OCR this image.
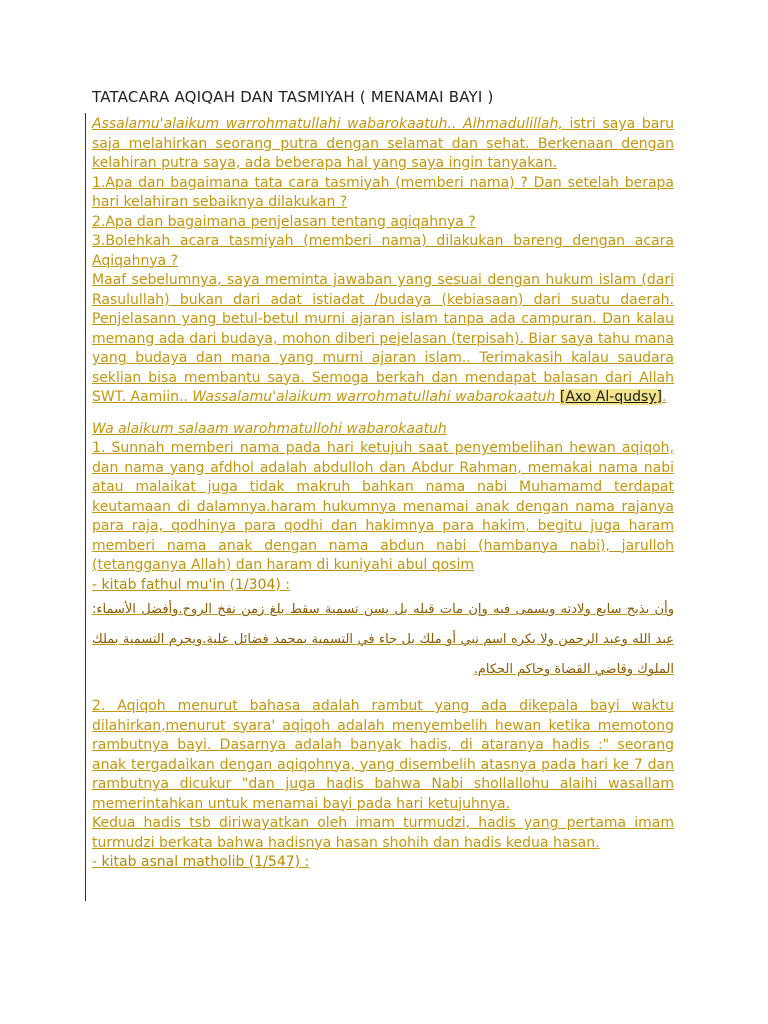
TATACARA AQIQAH DAN TASMIYAH ( MENAMAI BAYI )

Assalamu'alaikum warrohmatullahi wabarokaatuh.. Alhmadulillah, istri saya baru saja melahirkan seorang putra dengan selamat dan sehat. Berkenaan dengan kelahiran putra saya, ada beberapa hal yang saya ingin tanyakan.

1.Apa dan bagaimana tata cara tasmiyah (memberi nama) ? Dan setelah berapa hari kelahiran sebaiknya dilakukan ?

2.Apa dan bagaimana penjelasan tentang aqiqahnya ?

3.Bolehkah acara tasmiyah (memberi nama) dilakukan bareng dengan acara Aqiqahnya ?

Maaf sebelumnya, saya meminta jawaban yang sesuai dengan hukum islam (dari Rasulullah) bukan dari adat istiadat /budaya (kebiasaan) dari suatu daerah. Penjelasann yang betul-betul murni ajaran islam tanpa ada campuran. Dan kalau memang ada dari budaya, mohon diberi pejelasan (terpisah). Biar saya tahu mana yang budaya dan mana yang murni ajaran islam.. Terimakasih kalau saudara seklian bisa membantu saya. Semoga berkah dan mendapat balasan dari Allah SWT. Aamiin.. Wassalamu'alaikum warrohmatullahi wabarokaatuh [Axo Al-qudsy].

Wa alaikum salaam warohmatullohi wabarokaatuh

1. Sunnah memberi nama pada hari ketujuh saat penyembelihan hewan aqiqoh, dan nama yang afdhol adalah abdulloh dan Abdur Rahman, memakai nama nabi atau malaikat juga tidak makruh bahkan nama nabi Muhamamd terdapat keutamaan di dalamnya.haram hukumnya menamai anak dengan nama rajanya para raja, qodhinya para qodhi dan hakimnya para hakim, begitu juga haram memberi nama anak dengan nama abdun nabi (hambanya nabi), jarulloh (tetangganya Allah) dan haram di kuniyahi abul qosim

- kitab fathul mu'in (1/304) :

وأن يذبح سابع ولادته ويسمى فيه وإن مات قبله بل يسن تسمية سقط بلغ زمن نفخ الروح.وأفضل الأسماء: عبد الله وعبد الرحمن ولا يكره اسم نبي أو ملك بل جاء في التسمية بمحمد فضائل علية.ويحرم التسمية بملك الملوك وقاضي القضاة وحاكم الحكام.

2. Aqiqoh menurut bahasa adalah rambut yang ada dikepala bayi waktu dilahirkan,menurut syara' aqiqoh adalah menyembelih hewan ketika memotong rambutnya bayi. Dasarnya adalah banyak hadis, di ataranya hadis :" seorang anak tergadaikan dengan aqiqohnya, yang disembelih atasnya pada hari ke 7 dan rambutnya dicukur "dan juga hadis bahwa Nabi shollallohu alaihi wasallam memerintahkan untuk menamai bayi pada hari ketujuhnya.

Kedua hadis tsb diriwayatkan oleh imam turmudzi, hadis yang pertama imam turmudzi berkata bahwa hadisnya hasan shohih dan hadis kedua hasan.

- kitab asnal matholib (1/547) :
